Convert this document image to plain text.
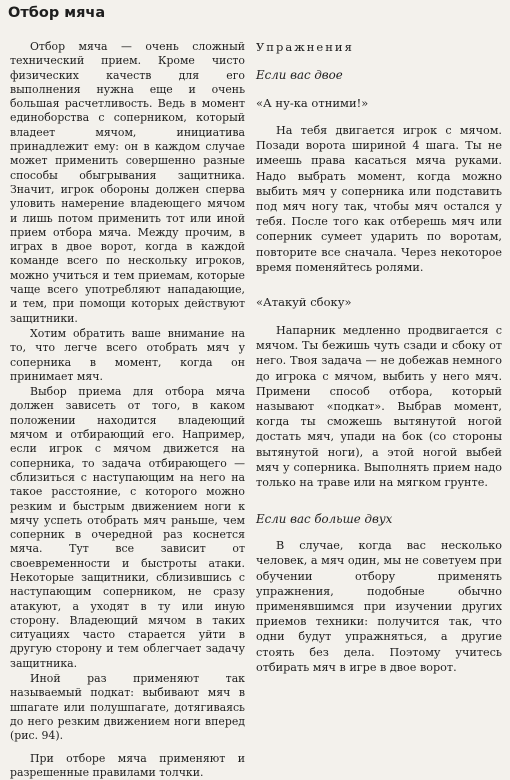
Отбор мяча

Отбор мяча — очень сложный технический прием. Кроме чисто физических качеств для его выполнения нужна еще и очень большая расчетливость. Ведь в момент единоборства с соперником, который владеет мячом, инициатива принадлежит ему: он в каждом случае может применить совершенно разные способы обыгрывания защитника. Значит, игрок обороны должен сперва уловить намерение владеющего мячом и лишь потом применить тот или иной прием отбора мяча. Между прочим, в играх в двое ворот, когда в каждой команде всего по нескольку игроков, можно учиться и тем приемам, которые чаще всего употребляют нападающие, и тем, при помощи которых действуют защитники.

Хотим обратить ваше внимание на то, что легче всего отобрать мяч у соперника в момент, когда он принимает мяч.

Выбор приема для отбора мяча должен зависеть от того, в каком положении находится владеющий мячом и отбирающий его. Например, если игрок с мячом движется на соперника, то задача отбирающего — сблизиться с наступающим на него на такое расстояние, с которого можно резким и быстрым движением ноги к мячу успеть отобрать мяч раньше, чем соперник в очередной раз коснется мяча. Тут все зависит от своевременности и быстроты атаки. Некоторые защитники, сблизившись с наступающим соперником, не сразу атакуют, а уходят в ту или иную сторону. Владеющий мячом в таких ситуациях часто старается уйти в другую сторону и тем облегчает задачу защитника.

Иной раз применяют так называемый подкат: выбивают мяч в шпагате или полушпагате, дотягиваясь до него резким движением ноги вперед (рис. 94).

При отборе мяча применяют и разрешенные правилами толчки.

Упражнения

Если вас двое

«А ну-ка отними!»

На тебя двигается игрок с мячом. Позади ворота шириной 4 шага. Ты не имеешь права касаться мяча руками. Надо выбрать момент, когда можно выбить мяч у соперника или подставить под мяч ногу так, чтобы мяч остался у тебя. После того как отберешь мяч или соперник сумеет ударить по воротам, повторите все сначала. Через некоторое время поменяйтесь ролями.

«Атакуй сбоку»

Напарник медленно продвигается с мячом. Ты бежишь чуть сзади и сбоку от него. Твоя задача — не добежав немного до игрока с мячом, выбить у него мяч. Примени способ отбора, который называют «подкат». Выбрав момент, когда ты сможешь вытянутой ногой достать мяч, упади на бок (со стороны вытянутой ноги), а этой ногой выбей мяч у соперника. Выполнять прием надо только на траве или на мягком грунте.

Если вас больше двух

В случае, когда вас несколько человек, а мяч один, мы не советуем при обучении отбору применять упражнения, подобные обычно применявшимся при изучении других приемов техники: получится так, что одни будут упражняться, а другие стоять без дела. Поэтому учитесь отбирать мяч в игре в двое ворот.
